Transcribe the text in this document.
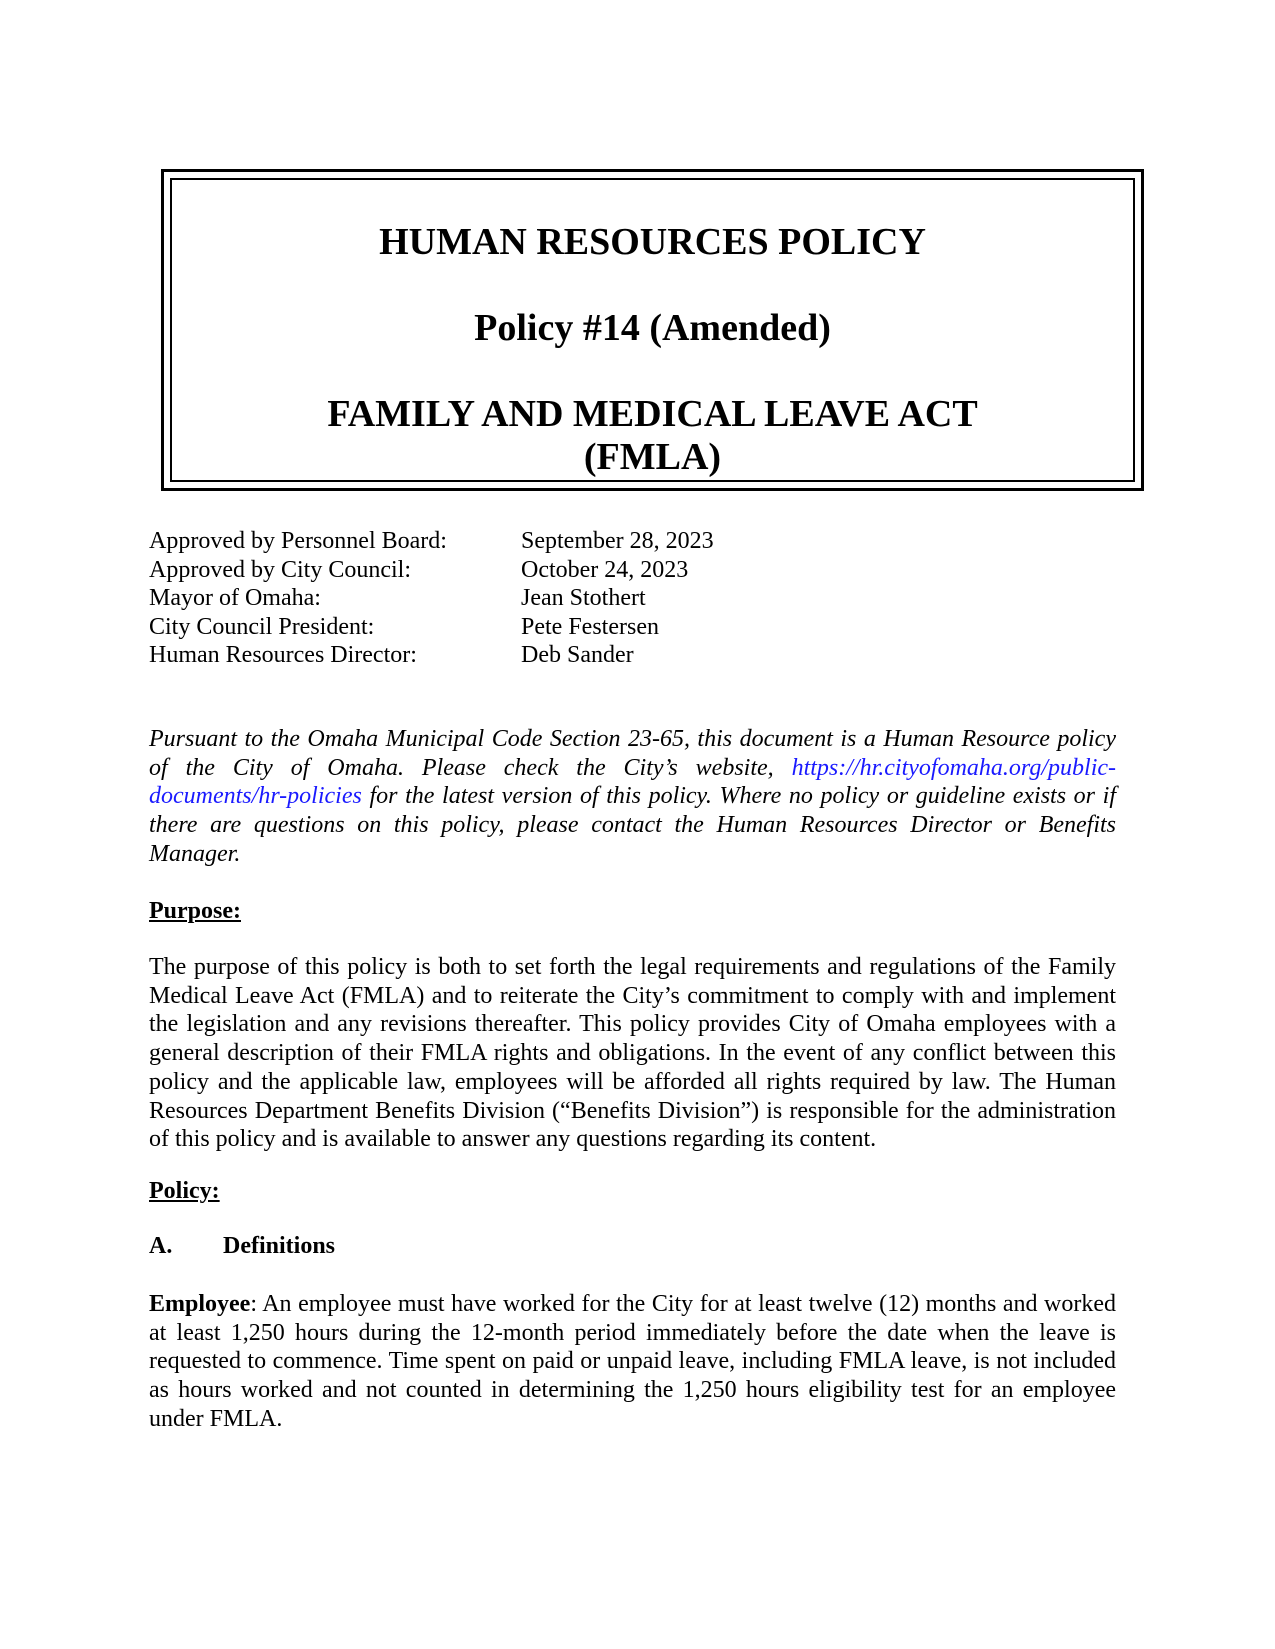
HUMAN RESOURCES POLICY
Policy #14 (Amended)
FAMILY AND MEDICAL LEAVE ACT
(FMLA)
Approved by Personnel Board:	September 28, 2023
Approved by City Council:	October 24, 2023
Mayor of Omaha:	Jean Stothert
City Council President:	Pete Festersen
Human Resources Director:	Deb Sander

Pursuant to the Omaha Municipal Code Section 23-65, this document is a Human Resource policy of the City of Omaha. Please check the City’s website, https://hr.cityofomaha.org/public-documents/hr-policies for the latest version of this policy. Where no policy or guideline exists or if there are questions on this policy, please contact the Human Resources Director or Benefits Manager.

Purpose:

The purpose of this policy is both to set forth the legal requirements and regulations of the Family Medical Leave Act (FMLA) and to reiterate the City’s commitment to comply with and implement the legislation and any revisions thereafter. This policy provides City of Omaha employees with a general description of their FMLA rights and obligations. In the event of any conflict between this policy and the applicable law, employees will be afforded all rights required by law. The Human Resources Department Benefits Division (“Benefits Division”) is responsible for the administration of this policy and is available to answer any questions regarding its content.

Policy:
A.	Definitions

Employee: An employee must have worked for the City for at least twelve (12) months and worked at least 1,250 hours during the 12-month period immediately before the date when the leave is requested to commence. Time spent on paid or unpaid leave, including FMLA leave, is not included as hours worked and not counted in determining the 1,250 hours eligibility test for an employee under FMLA.
